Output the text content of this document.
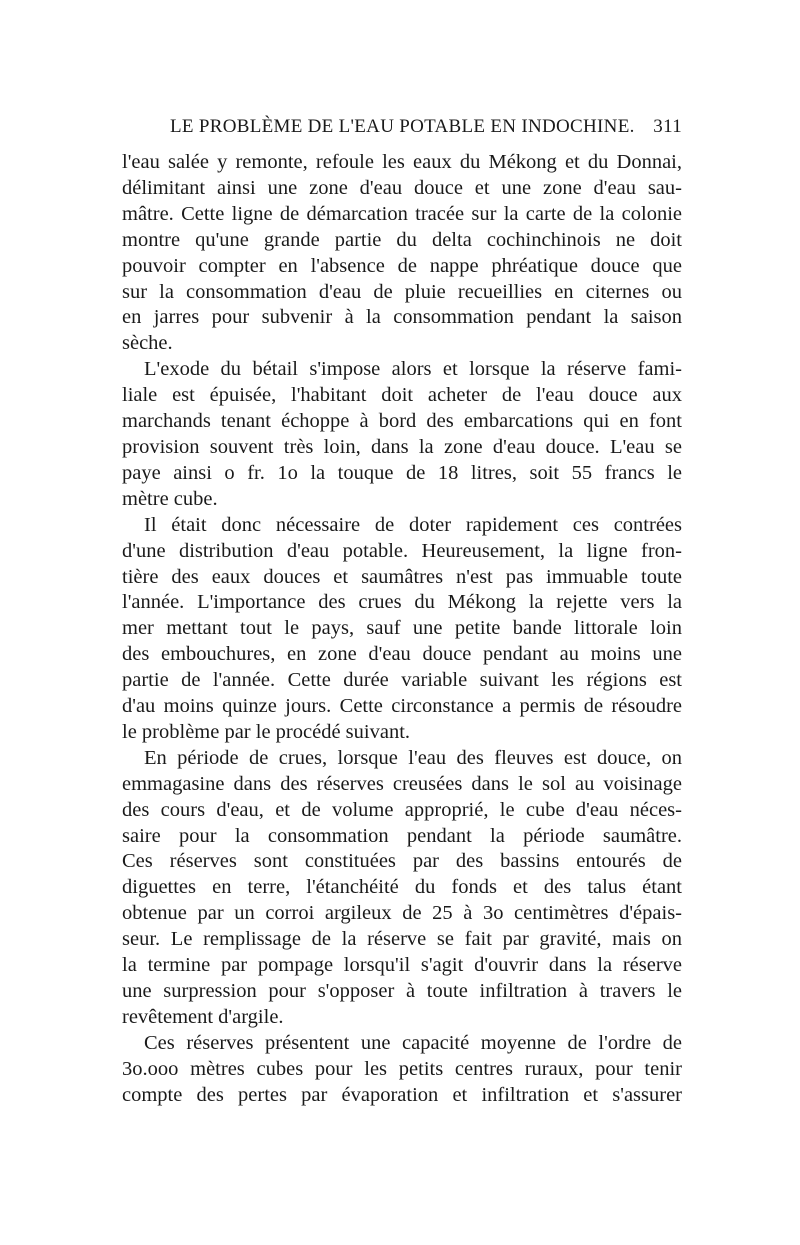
LE PROBLÈME DE L'EAU POTABLE EN INDOCHINE. 311

l'eau salée y remonte, refoule les eaux du Mékong et du Donnai,
délimitant ainsi une zone d'eau douce et une zone d'eau sau-
mâtre. Cette ligne de démarcation tracée sur la carte de la colonie
montre qu'une grande partie du delta cochinchinois ne doit
pouvoir compter en l'absence de nappe phréatique douce que
sur la consommation d'eau de pluie recueillies en citernes ou
en jarres pour subvenir à la consommation pendant la saison
sèche.

L'exode du bétail s'impose alors et lorsque la réserve fami-
liale est épuisée, l'habitant doit acheter de l'eau douce aux
marchands tenant échoppe à bord des embarcations qui en font
provision souvent très loin, dans la zone d'eau douce. L'eau se
paye ainsi o fr. 1o la touque de 18 litres, soit 55 francs le
mètre cube.

Il était donc nécessaire de doter rapidement ces contrées
d'une distribution d'eau potable. Heureusement, la ligne fron-
tière des eaux douces et saumâtres n'est pas immuable toute
l'année. L'importance des crues du Mékong la rejette vers la
mer mettant tout le pays, sauf une petite bande littorale loin
des embouchures, en zone d'eau douce pendant au moins une
partie de l'année. Cette durée variable suivant les régions est
d'au moins quinze jours. Cette circonstance a permis de résoudre
le problème par le procédé suivant.

En période de crues, lorsque l'eau des fleuves est douce, on
emmagasine dans des réserves creusées dans le sol au voisinage
des cours d'eau, et de volume approprié, le cube d'eau néces-
saire pour la consommation pendant la période saumâtre.
Ces réserves sont constituées par des bassins entourés de
diguettes en terre, l'étanchéité du fonds et des talus étant
obtenue par un corroi argileux de 25 à 3o centimètres d'épais-
seur. Le remplissage de la réserve se fait par gravité, mais on
la termine par pompage lorsqu'il s'agit d'ouvrir dans la réserve
une surpression pour s'opposer à toute infiltration à travers le
revêtement d'argile.

Ces réserves présentent une capacité moyenne de l'ordre de
3o.ooo mètres cubes pour les petits centres ruraux, pour tenir
compte des pertes par évaporation et infiltration et s'assurer
